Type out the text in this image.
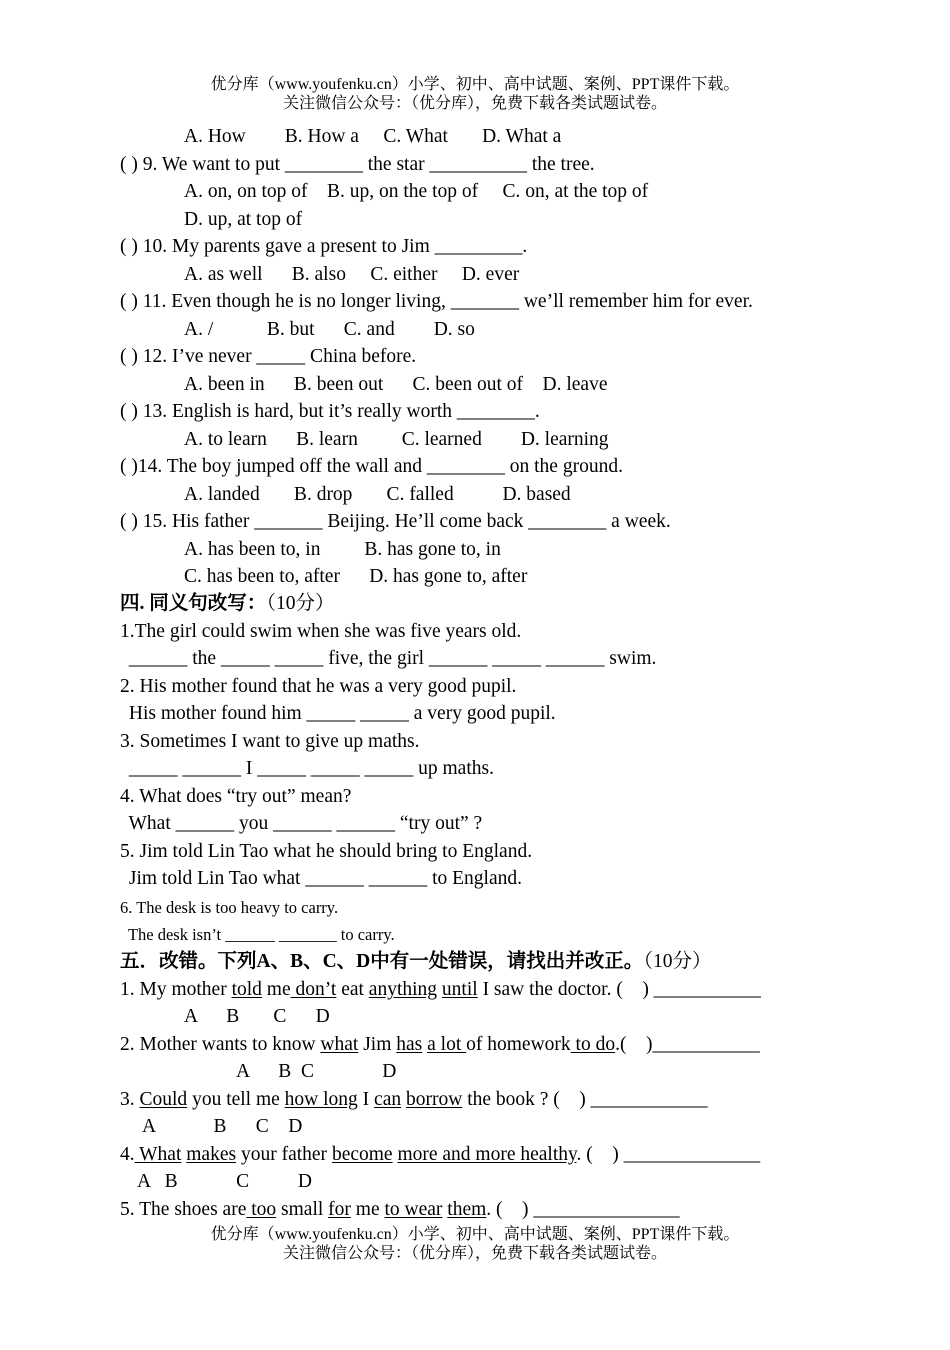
优分库（www.youfenku.cn）小学、初中、高中试题、案例、PPT课件下载。
关注微信公众号：（优分库），免费下载各类试题试卷。
A. How        B. How a     C. What       D. What a
( ) 9. We want to put ________ the star __________ the tree.
A. on, on top of    B. up, on the top of     C. on, at the top of
D. up, at top of
( ) 10. My parents gave a present to Jim _________.
A. as well      B. also     C. either     D. ever
( ) 11. Even though he is no longer living, _______ we’ll remember him for ever.
A. /           B. but      C. and        D. so
( ) 12. I’ve never _____ China before.
A. been in      B. been out      C. been out of    D. leave
( ) 13. English is hard, but it’s really worth ________.
A. to learn      B. learn         C. learned        D. learning
( )14. The boy jumped off the wall and ________ on the ground.
A. landed       B. drop       C. falled          D. based
( ) 15. His father _______ Beijing. He’ll come back ________ a week.
A. has been to, in         B. has gone to, in
C. has been to, after      D. has gone to, after
四. 同义句改写：（10分）
1.The girl could swim when she was five years old.
______ the _____ _____ five, the girl ______ _____ ______ swim.
2. His mother found that he was a very good pupil.
His mother found him _____ _____ a very good pupil.
3. Sometimes I want to give up maths.
_____ ______ I _____ _____ _____ up maths.
4. What does “try out” mean?
What ______ you ______ ______ “try out” ?
5. Jim told Lin Tao what he should bring to England.
Jim told Lin Tao what ______ ______ to England.
6. The desk is too heavy to carry.
The desk isn’t ______ _______ to carry.
五．改错。下列A、B、C、D中有一处错误，请找出并改正。（10分）
1. My mother told me don’t eat anything until I saw the doctor. (    ) ___________
A      B       C      D
2. Mother wants to know what Jim has a lot of homework to do.(    )___________
A      B  C              D
3. Could you tell me how long I can borrow the book ? (    ) ____________
A            B      C    D
4. What makes your father become more and more healthy. (    ) ______________
A   B            C          D
5. The shoes are too small for me to wear them. (    ) _______________
优分库（www.youfenku.cn）小学、初中、高中试题、案例、PPT课件下载。
关注微信公众号：（优分库），免费下载各类试题试卷。
